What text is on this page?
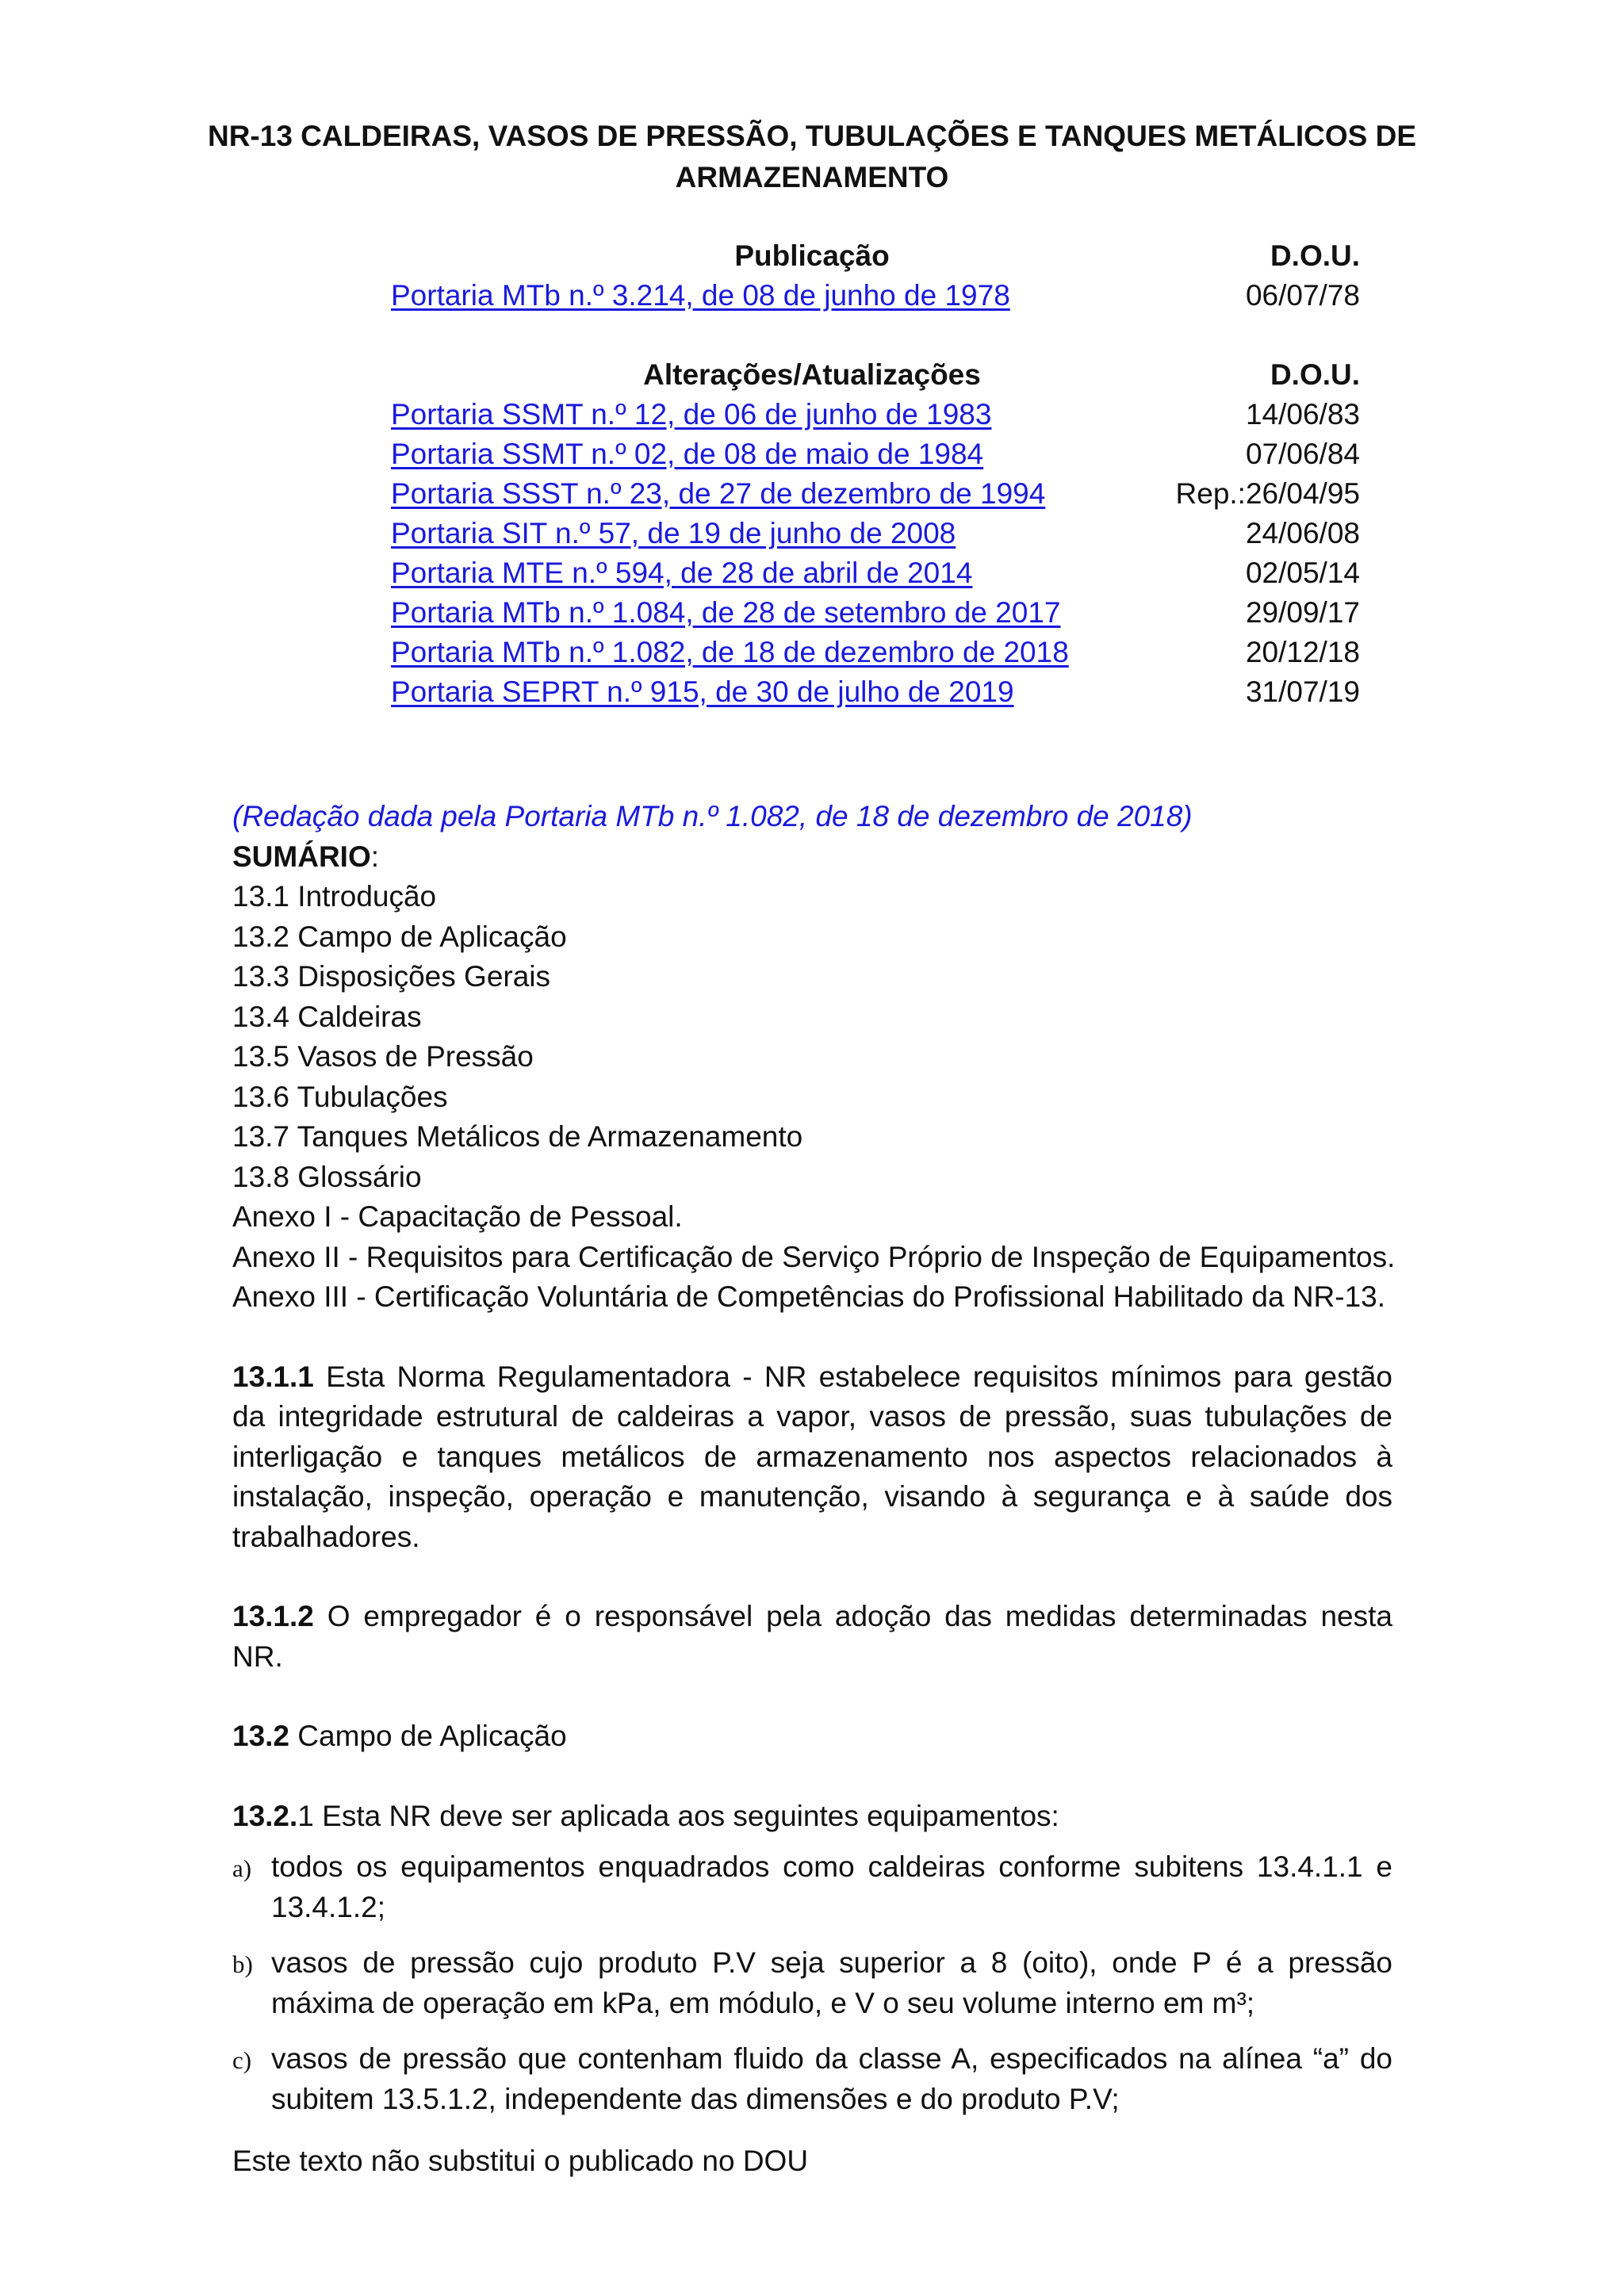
NR-13 CALDEIRAS, VASOS DE PRESSÃO, TUBULAÇÕES E TANQUES METÁLICOS DE
ARMAZENAMENTO
Publicação	D.O.U.
Portaria MTb n.º 3.214, de 08 de junho de 1978	06/07/78
Alterações/Atualizações	D.O.U.
Portaria SSMT n.º 12, de 06 de junho de 1983	14/06/83
Portaria SSMT n.º 02, de 08 de maio de 1984	07/06/84
Portaria SSST n.º 23, de 27 de dezembro de 1994	Rep.:26/04/95
Portaria SIT n.º 57, de 19 de junho de 2008	24/06/08
Portaria MTE n.º 594, de 28 de abril de 2014	02/05/14
Portaria MTb n.º 1.084, de 28 de setembro de 2017	29/09/17
Portaria MTb n.º 1.082, de 18 de dezembro de 2018	20/12/18
Portaria SEPRT n.º 915, de 30 de julho de 2019	31/07/19
(Redação dada pela Portaria MTb n.º 1.082, de 18 de dezembro de 2018)
SUMÁRIO:
13.1 Introdução
13.2 Campo de Aplicação
13.3 Disposições Gerais
13.4 Caldeiras
13.5 Vasos de Pressão
13.6 Tubulações
13.7 Tanques Metálicos de Armazenamento
13.8 Glossário
Anexo I - Capacitação de Pessoal.
Anexo II - Requisitos para Certificação de Serviço Próprio de Inspeção de Equipamentos.
Anexo III - Certificação Voluntária de Competências do Profissional Habilitado da NR-13.
13.1.1 Esta Norma Regulamentadora - NR estabelece requisitos mínimos para gestão da integridade estrutural de caldeiras a vapor, vasos de pressão, suas tubulações de interligação e tanques metálicos de armazenamento nos aspectos relacionados à instalação, inspeção, operação e manutenção, visando à segurança e à saúde dos trabalhadores.
13.1.2 O empregador é o responsável pela adoção das medidas determinadas nesta NR.
13.2 Campo de Aplicação
13.2.1 Esta NR deve ser aplicada aos seguintes equipamentos:
a) todos os equipamentos enquadrados como caldeiras conforme subitens 13.4.1.1 e 13.4.1.2;
b) vasos de pressão cujo produto P.V seja superior a 8 (oito), onde P é a pressão máxima de operação em kPa, em módulo, e V o seu volume interno em m³;
c) vasos de pressão que contenham fluido da classe A, especificados na alínea “a” do subitem 13.5.1.2, independente das dimensões e do produto P.V;
Este texto não substitui o publicado no DOU
